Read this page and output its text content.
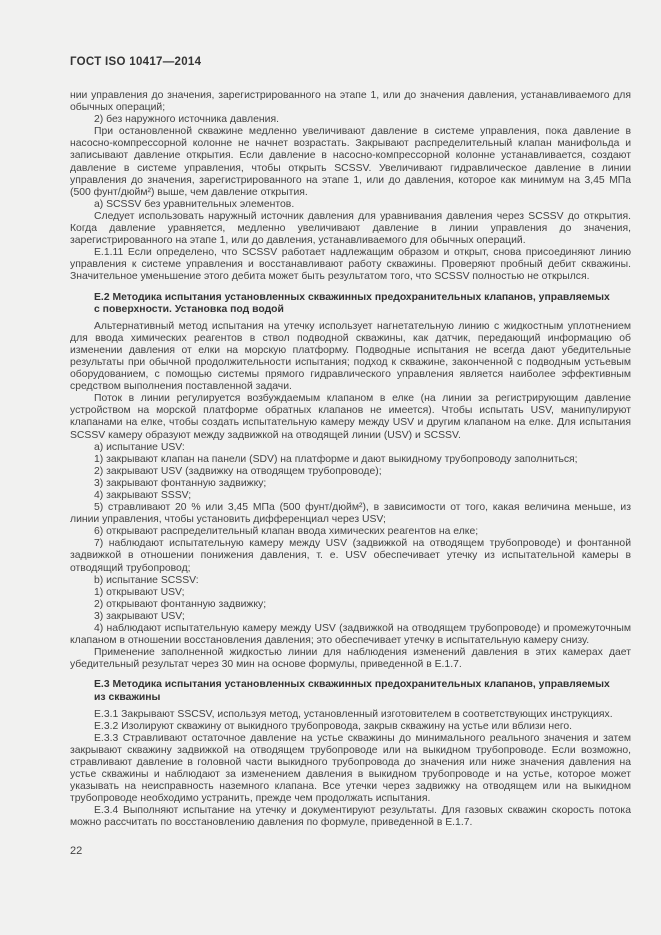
ГОСТ ISO 10417—2014

нии управления до значения, зарегистрированного на этапе 1, или до значения давления, устанавливаемого для обычных операций;

2) без наружного источника давления.

При остановленной скважине медленно увеличивают давление в системе управления, пока давление в насосно-компрессорной колонне не начнет возрастать. Закрывают распределительный клапан манифольда и записывают давление открытия. Если давление в насосно-компрессорной колонне устанавливается, создают давление в системе управления, чтобы открыть SCSSV. Увеличивают гидравлическое давление в линии управления до значения, зарегистрированного на этапе 1, или до давления, которое как минимум на 3,45 МПа (500 фунт/дюйм²) выше, чем давление открытия.

а) SCSSV без уравнительных элементов.

Следует использовать наружный источник давления для уравнивания давления через SCSSV до открытия. Когда давление уравняется, медленно увеличивают давление в линии управления до значения, зарегистрированного на этапе 1, или до давления, устанавливаемого для обычных операций.

Е.1.11 Если определено, что SCSSV работает надлежащим образом и открыт, снова присоединяют линию управления к системе управления и восстанавливают работу скважины. Проверяют пробный дебит скважины. Значительное уменьшение этого дебита может быть результатом того, что SCSSV полностью не открылся.

Е.2 Методика испытания установленных скважинных предохранительных клапанов, управляемых
с поверхности. Установка под водой

Альтернативный метод испытания на утечку использует нагнетательную линию с жидкостным уплотнением для ввода химических реагентов в ствол подводной скважины, как датчик, передающий информацию об изменении давления от елки на морскую платформу. Подводные испытания не всегда дают убедительные результаты при обычной продолжительности испытания; подход к скважине, законченной с подводным устьевым оборудованием, с помощью системы прямого гидравлического управления является наиболее эффективным средством выполнения поставленной задачи.

Поток в линии регулируется возбуждаемым клапаном в елке (на линии за регистрирующим давление устройством на морской платформе обратных клапанов не имеется). Чтобы испытать USV, манипулируют клапанами на елке, чтобы создать испытательную камеру между USV и другим клапаном на елке. Для испытания SCSSV камеру образуют между задвижкой на отводящей линии (USV) и SCSSV.

а) испытание USV:

1) закрывают клапан на панели (SDV) на платформе и дают выкидному трубопроводу заполниться;

2) закрывают USV (задвижку на отводящем трубопроводе);

3) закрывают фонтанную задвижку;

4) закрывают SSSV;

5) стравливают 20 % или 3,45 МПа (500 фунт/дюйм²), в зависимости от того, какая величина меньше, из линии управления, чтобы установить дифференциал через USV;

6) открывают распределительный клапан ввода химических реагентов на елке;

7) наблюдают испытательную камеру между USV (задвижкой на отводящем трубопроводе) и фонтанной задвижкой в отношении понижения давления, т. е. USV обеспечивает утечку из испытательной камеры в отводящий трубопровод;

b) испытание SCSSV:

1) открывают USV;

2) открывают фонтанную задвижку;

3) закрывают USV;

4) наблюдают испытательную камеру между USV (задвижкой на отводящем трубопроводе) и промежуточным клапаном в отношении восстановления давления; это обеспечивает утечку в испытательную камеру снизу.

Применение заполненной жидкостью линии для наблюдения изменений давления в этих камерах дает убедительный результат через 30 мин на основе формулы, приведенной в Е.1.7.

Е.3 Методика испытания установленных скважинных предохранительных клапанов, управляемых
из скважины

Е.3.1 Закрывают SSCSV, используя метод, установленный изготовителем в соответствующих инструкциях.

Е.3.2 Изолируют скважину от выкидного трубопровода, закрыв скважину на устье или вблизи него.

Е.3.3 Стравливают остаточное давление на устье скважины до минимального реального значения и затем закрывают скважину задвижкой на отводящем трубопроводе или на выкидном трубопроводе. Если возможно, стравливают давление в головной части выкидного трубопровода до значения или ниже значения давления на устье скважины и наблюдают за изменением давления в выкидном трубопроводе и на устье, которое может указывать на неисправность наземного клапана. Все утечки через задвижку на отводящем или на выкидном трубопроводе необходимо устранить, прежде чем продолжать испытания.

Е.3.4 Выполняют испытание на утечку и документируют результаты. Для газовых скважин скорость потока можно рассчитать по восстановлению давления по формуле, приведенной в Е.1.7.

22
